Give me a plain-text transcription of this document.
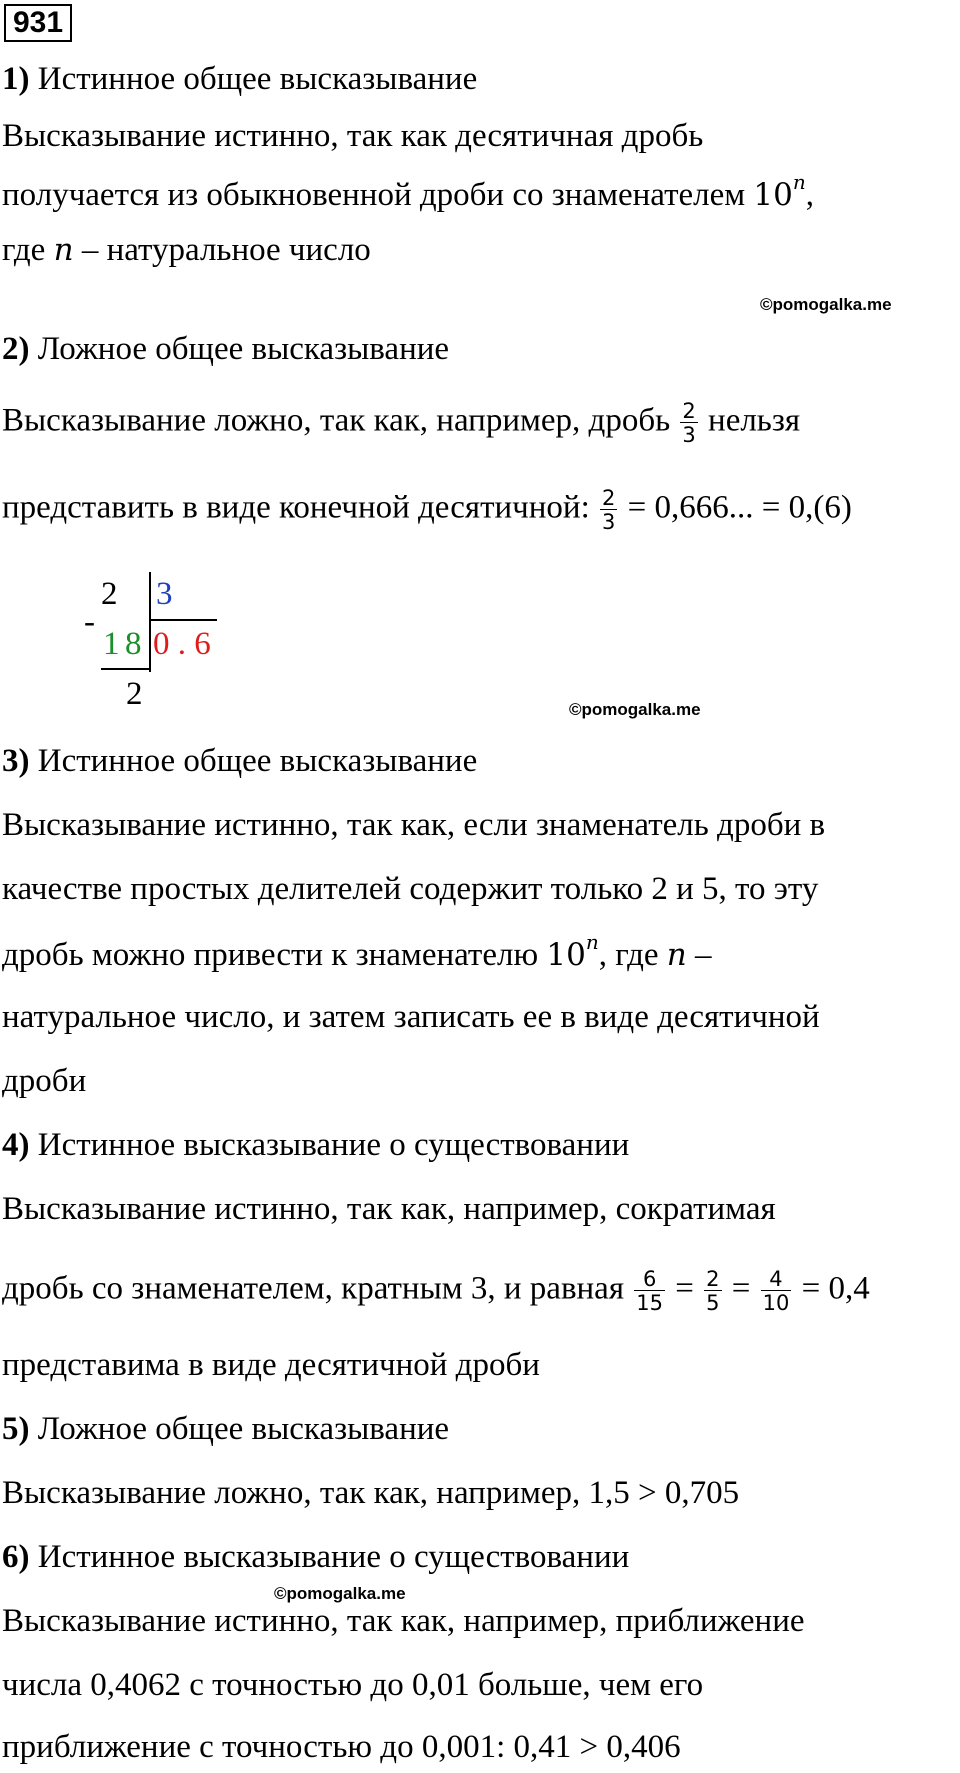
931
1) Истинное общее высказывание
Высказывание истинно, так как десятичная дробь
получается из обыкновенной дроби со знаменателем 10$^n$,
где n – натуральное число
©pomogalka.me
2) Ложное общее высказывание
Высказывание ложно, так как, например, дробь $\frac{2}{3}$ нельзя
представить в виде конечной десятичной: $\frac{2}{3} = 0,666$... = 0,(6)
-
2 3
1 8 0 . 6
2	©pomogalka.me
3) Истинное общее высказывание
Высказывание истинно, так как, если знаменатель дроби в
качестве простых делителей содержит только 2 и 5, то эту
дробь можно привести к знаменателю 10$^n$, где n –
натуральное число, и затем записать ее в виде десятичной
дроби
4) Истинное высказывание о существовании
Высказывание истинно, так как, например, сократимая
дробь со знаменателем, кратным 3, и равная $\frac{6}{15} = \frac{2}{5} = \frac{4}{10} = 0,4$
представима в виде десятичной дроби
5) Ложное общее высказывание
Высказывание ложно, так как, например, 1,5 > 0,705
6) Истинное высказывание о существовании
©pomogalka.me
Высказывание истинно, так как, например, приближение
числа 0,4062 с точностью до 0,01 больше, чем его
приближение с точностью до 0,001: 0,41 > 0,406
